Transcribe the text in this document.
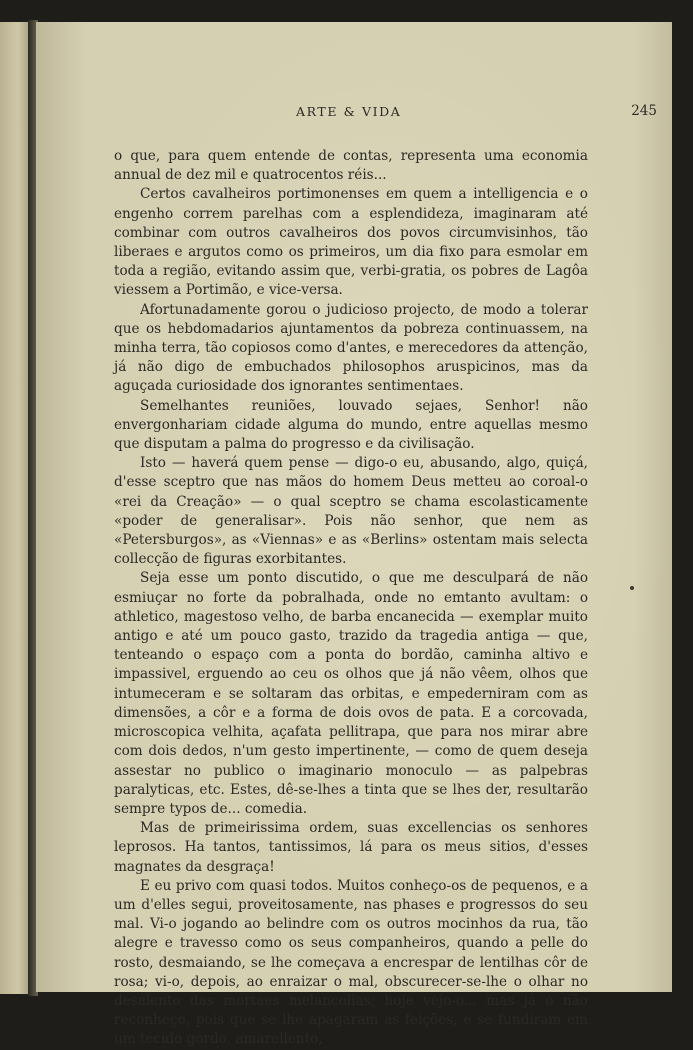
ARTE & VIDA	245

o que, para quem entende de contas, representa uma economia annual de dez mil e quatrocentos réis...

Certos cavalheiros portimonenses em quem a intelligencia e o engenho correm parelhas com a esplendideza, imaginaram até combinar com outros cavalheiros dos povos circumvisinhos, tão liberaes e argutos como os primeiros, um dia fixo para esmolar em toda a região, evitando assim que, verbi-gratia, os pobres de Lagôa viessem a Portimão, e vice-versa.

Afortunadamente gorou o judicioso projecto, de modo a tolerar que os hebdomadarios ajuntamentos da pobreza continuassem, na minha terra, tão copiosos como d'antes, e merecedores da attenção, já não digo de embuchados philosophos aruspicinos, mas da aguçada curiosidade dos ignorantes sentimentaes.

Semelhantes reuniões, louvado sejaes, Senhor! não envergonhariam cidade alguma do mundo, entre aquellas mesmo que disputam a palma do progresso e da civilisação.

Isto — haverá quem pense — digo-o eu, abusando, algo, quiçá, d'esse sceptro que nas mãos do homem Deus metteu ao coroal-o «rei da Creação» — o qual sceptro se chama escolasticamente «poder de generalisar». Pois não senhor, que nem as «Petersburgos», as «Viennas» e as «Berlins» ostentam mais selecta collecção de figuras exorbitantes.

Seja esse um ponto discutido, o que me desculpará de não esmiuçar no forte da pobralhada, onde no emtanto avultam: o athletico, magestoso velho, de barba encanecida — exemplar muito antigo e até um pouco gasto, trazido da tragedia antiga — que, tenteando o espaço com a ponta do bordão, caminha altivo e impassivel, erguendo ao ceu os olhos que já não vêem, olhos que intumeceram e se soltaram das orbitas, e empederniram com as dimensões, a côr e a forma de dois ovos de pata. E a corcovada, microscopica velhita, açafata pellitrapa, que para nos mirar abre com dois dedos, n'um gesto impertinente, — como de quem deseja assestar no publico o imaginario monoculo — as palpebras paralyticas, etc. Estes, dê-se-lhes a tinta que se lhes der, resultarão sempre typos de... comedia.

Mas de primeirissima ordem, suas excellencias os senhores leprosos. Ha tantos, tantissimos, lá para os meus sitios, d'esses magnates da desgraça!

E eu privo com quasi todos. Muitos conheço-os de pequenos, e a um d'elles segui, proveitosamente, nas phases e progressos do seu mal. Vi-o jogando ao belindre com os outros mocinhos da rua, tão alegre e travesso como os seus companheiros, quando a pelle do rosto, desmaiando, se lhe começava a encrespar de lentilhas côr de rosa; vi-o, depois, ao enraizar o mal, obscurecer-se-lhe o olhar no desalento das mortaes melancolias; hoje vejo-o... mas já o não reconheço, pois que se lhe apagaram as feições, e se fundiram em um tecido gordo, amarellento,
